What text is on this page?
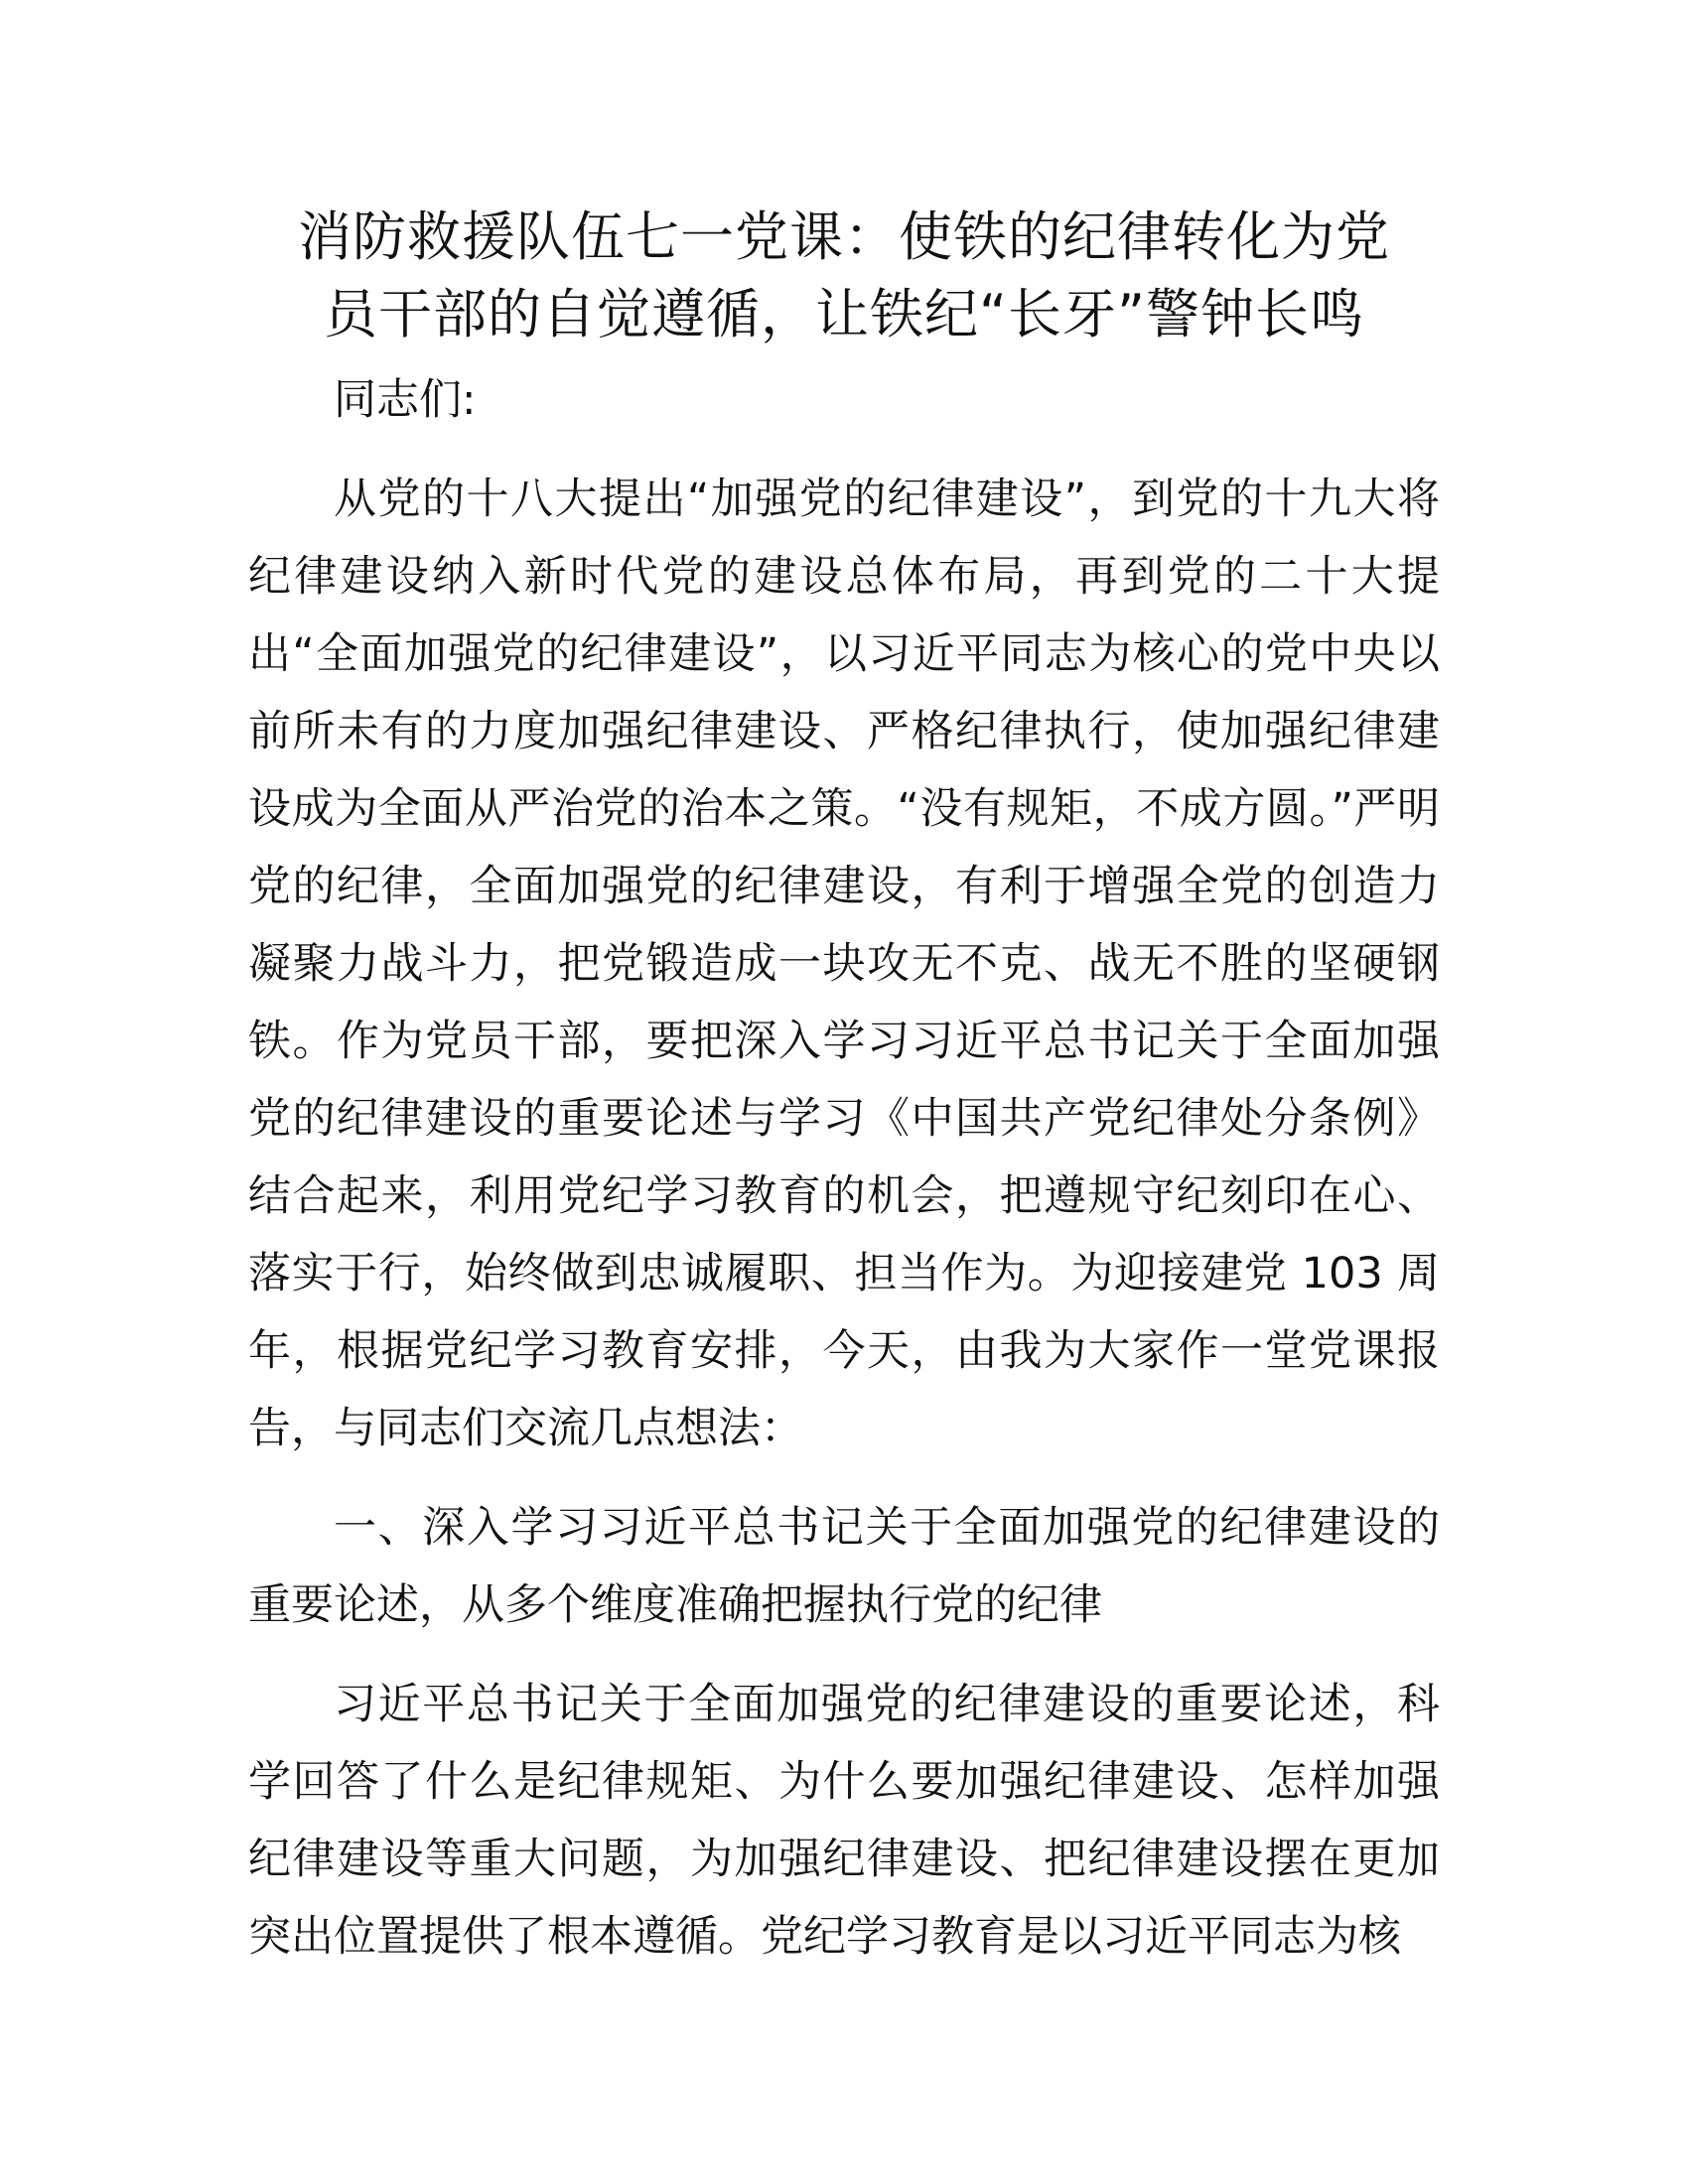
消防救援队伍七一党课：使铁的纪律转化为党
员干部的自觉遵循，让铁纪“长牙”警钟长鸣

同志们:

从党的十八大提出“加强党的纪律建设”，到党的十九大将纪律建设纳入新时代党的建设总体布局，再到党的二十大提出“全面加强党的纪律建设”，以习近平同志为核心的党中央以前所未有的力度加强纪律建设、严格纪律执行，使加强纪律建设成为全面从严治党的治本之策。“没有规矩，不成方圆。”严明党的纪律，全面加强党的纪律建设，有利于增强全党的创造力凝聚力战斗力，把党锻造成一块攻无不克、战无不胜的坚硬钢铁。作为党员干部，要把深入学习习近平总书记关于全面加强党的纪律建设的重要论述与学习《中国共产党纪律处分条例》结合起来，利用党纪学习教育的机会，把遵规守纪刻印在心、落实于行，始终做到忠诚履职、担当作为。为迎接建党 103 周年，根据党纪学习教育安排，今天，由我为大家作一堂党课报告，与同志们交流几点想法：

一、深入学习习近平总书记关于全面加强党的纪律建设的重要论述，从多个维度准确把握执行党的纪律

习近平总书记关于全面加强党的纪律建设的重要论述，科学回答了什么是纪律规矩、为什么要加强纪律建设、怎样加强纪律建设等重大问题，为加强纪律建设、把纪律建设摆在更加突出位置提供了根本遵循。党纪学习教育是以习近平同志为核
